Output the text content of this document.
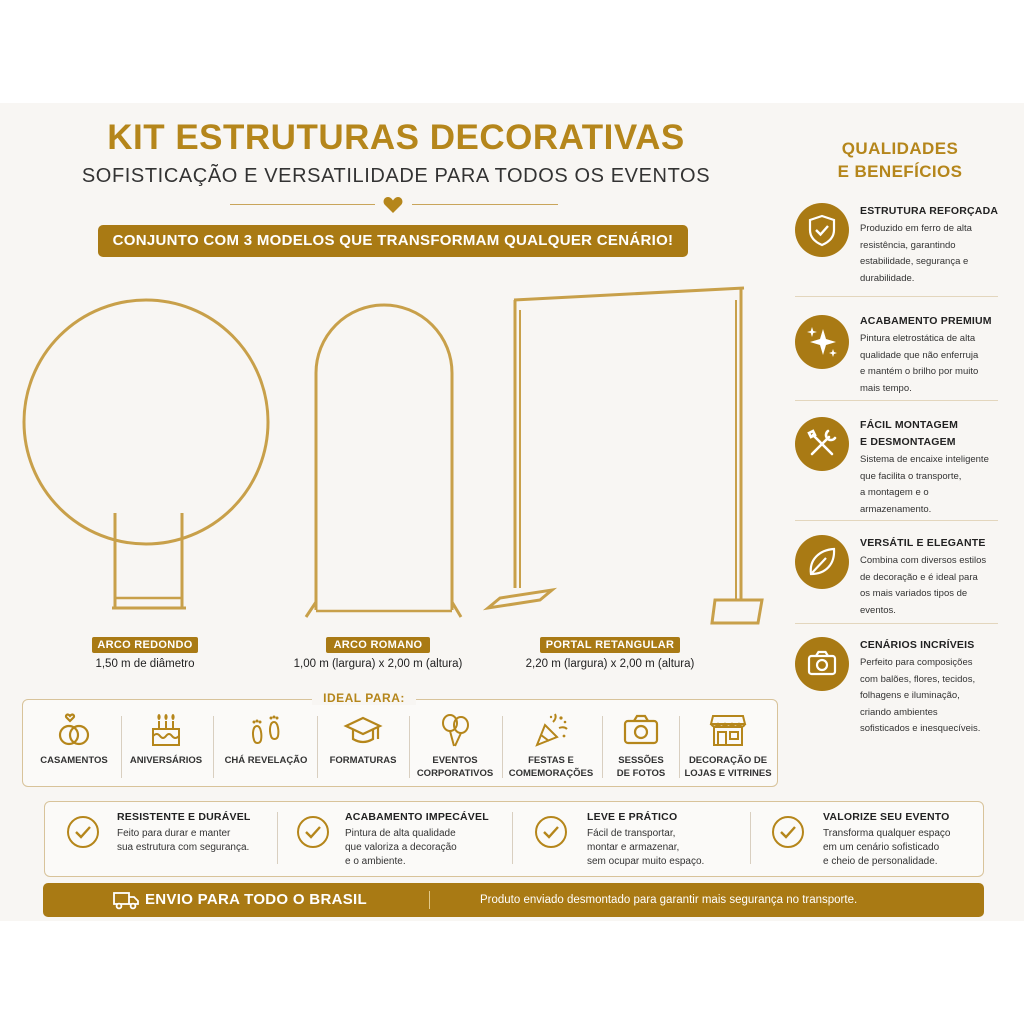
KIT ESTRUTURAS DECORATIVAS
SOFISTICAÇÃO E VERSATILIDADE PARA TODOS OS EVENTOS
CONJUNTO COM 3 MODELOS QUE TRANSFORMAM QUALQUER CENÁRIO!
ARCO REDONDO
1,50 m de diâmetro
ARCO ROMANO
1,00 m (largura) x 2,00 m (altura)
PORTAL RETANGULAR
2,20 m (largura) x 2,00 m (altura)
IDEAL PARA:
CASAMENTOS	ANIVERSÁRIOS	CHÁ REVELAÇÃO	FORMATURAS	EVENTOS
CORPORATIVOS
FESTAS E
COMEMORAÇÕES
SESSÕES
DE FOTOS
DECORAÇÃO DE
LOJAS E VITRINES
RESISTENTE E DURÁVEL
Feito para durar e manter
sua estrutura com segurança.
ACABAMENTO IMPECÁVEL
Pintura de alta qualidade
que valoriza a decoração
e o ambiente.
LEVE E PRÁTICO
Fácil de transportar,
montar e armazenar,
sem ocupar muito espaço.
VALORIZE SEU EVENTO
Transforma qualquer espaço
em um cenário sofisticado
e cheio de personalidade.
ENVIO PARA TODO O BRASIL	Produto enviado desmontado para garantir mais segurança no transporte.
QUALIDADES
E BENEFÍCIOS
ESTRUTURA REFORÇADA
Produzido em ferro de alta
resistência, garantindo
estabilidade, segurança e
durabilidade.
ACABAMENTO PREMIUM
Pintura eletrostática de alta
qualidade que não enferruja
e mantém o brilho por muito
mais tempo.
FÁCIL MONTAGEM
E DESMONTAGEM
Sistema de encaixe inteligente
que facilita o transporte,
a montagem e o
armazenamento.
VERSÁTIL E ELEGANTE
Combina com diversos estilos
de decoração e é ideal para
os mais variados tipos de
eventos.
CENÁRIOS INCRÍVEIS
Perfeito para composições
com balões, flores, tecidos,
folhagens e iluminação,
criando ambientes
sofisticados e inesquecíveis.
